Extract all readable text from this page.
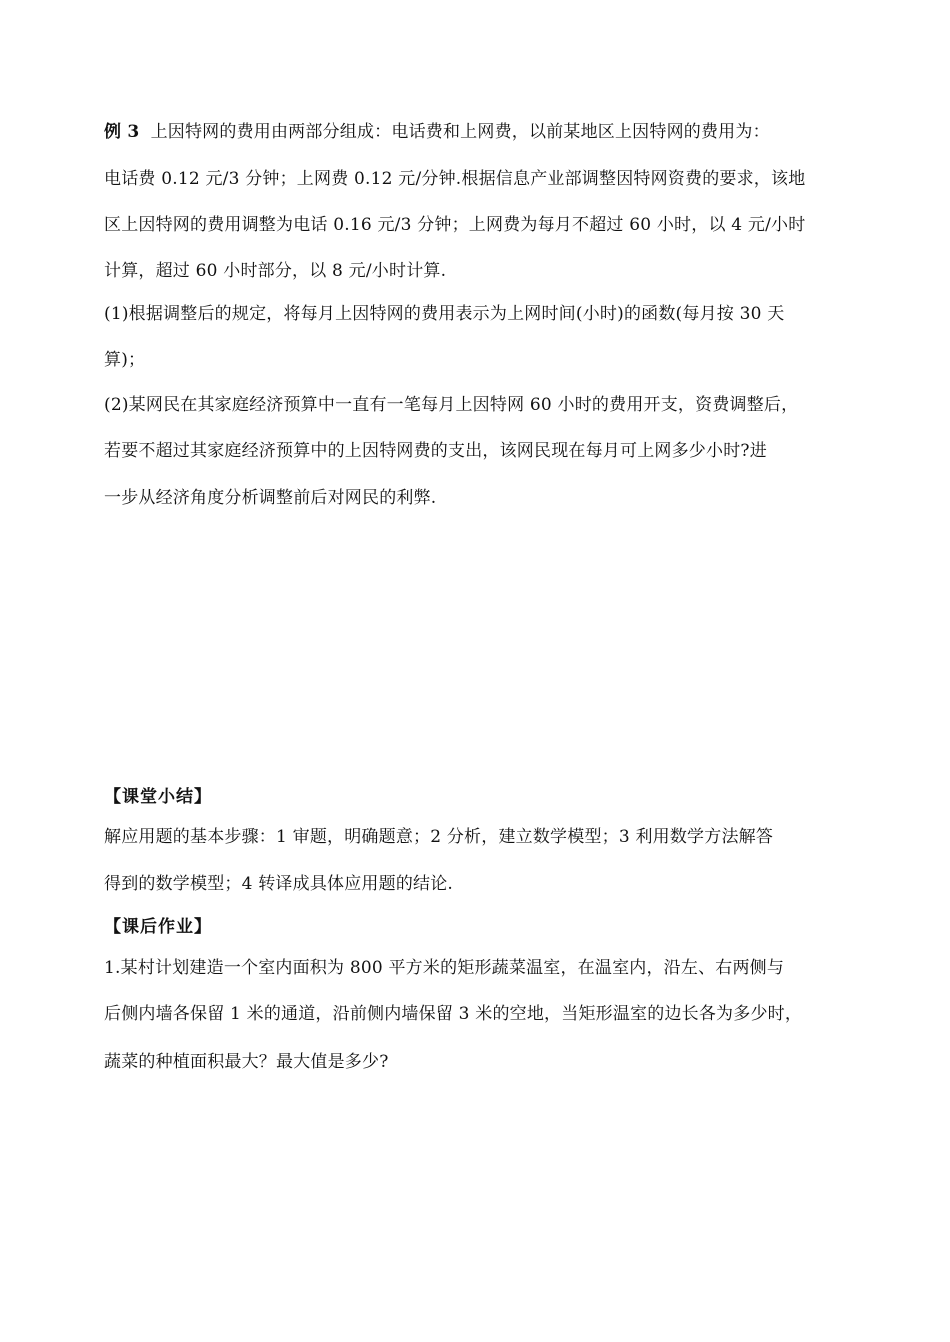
例 3 上因特网的费用由两部分组成：电话费和上网费，以前某地区上因特网的费用为：
电话费 0.12 元/3 分钟；上网费 0.12 元/分钟.根据信息产业部调整因特网资费的要求，该地
区上因特网的费用调整为电话 0.16 元/3 分钟；上网费为每月不超过 60 小时，以 4 元/小时
计算，超过 60 小时部分，以 8 元/小时计算.
(1)根据调整后的规定，将每月上因特网的费用表示为上网时间(小时)的函数(每月按 30 天
算)；
(2)某网民在其家庭经济预算中一直有一笔每月上因特网 60 小时的费用开支，资费调整后，
若要不超过其家庭经济预算中的上因特网费的支出，该网民现在每月可上网多少小时?进
一步从经济角度分析调整前后对网民的利弊.
【课堂小结】
解应用题的基本步骤：1 审题，明确题意；2 分析，建立数学模型；3 利用数学方法解答
得到的数学模型；4 转译成具体应用题的结论.
【课后作业】
1.某村计划建造一个室内面积为 800 平方米的矩形蔬菜温室，在温室内，沿左、右两侧与
后侧内墙各保留 1 米的通道，沿前侧内墙保留 3 米的空地，当矩形温室的边长各为多少时，
蔬菜的种植面积最大？最大值是多少?
